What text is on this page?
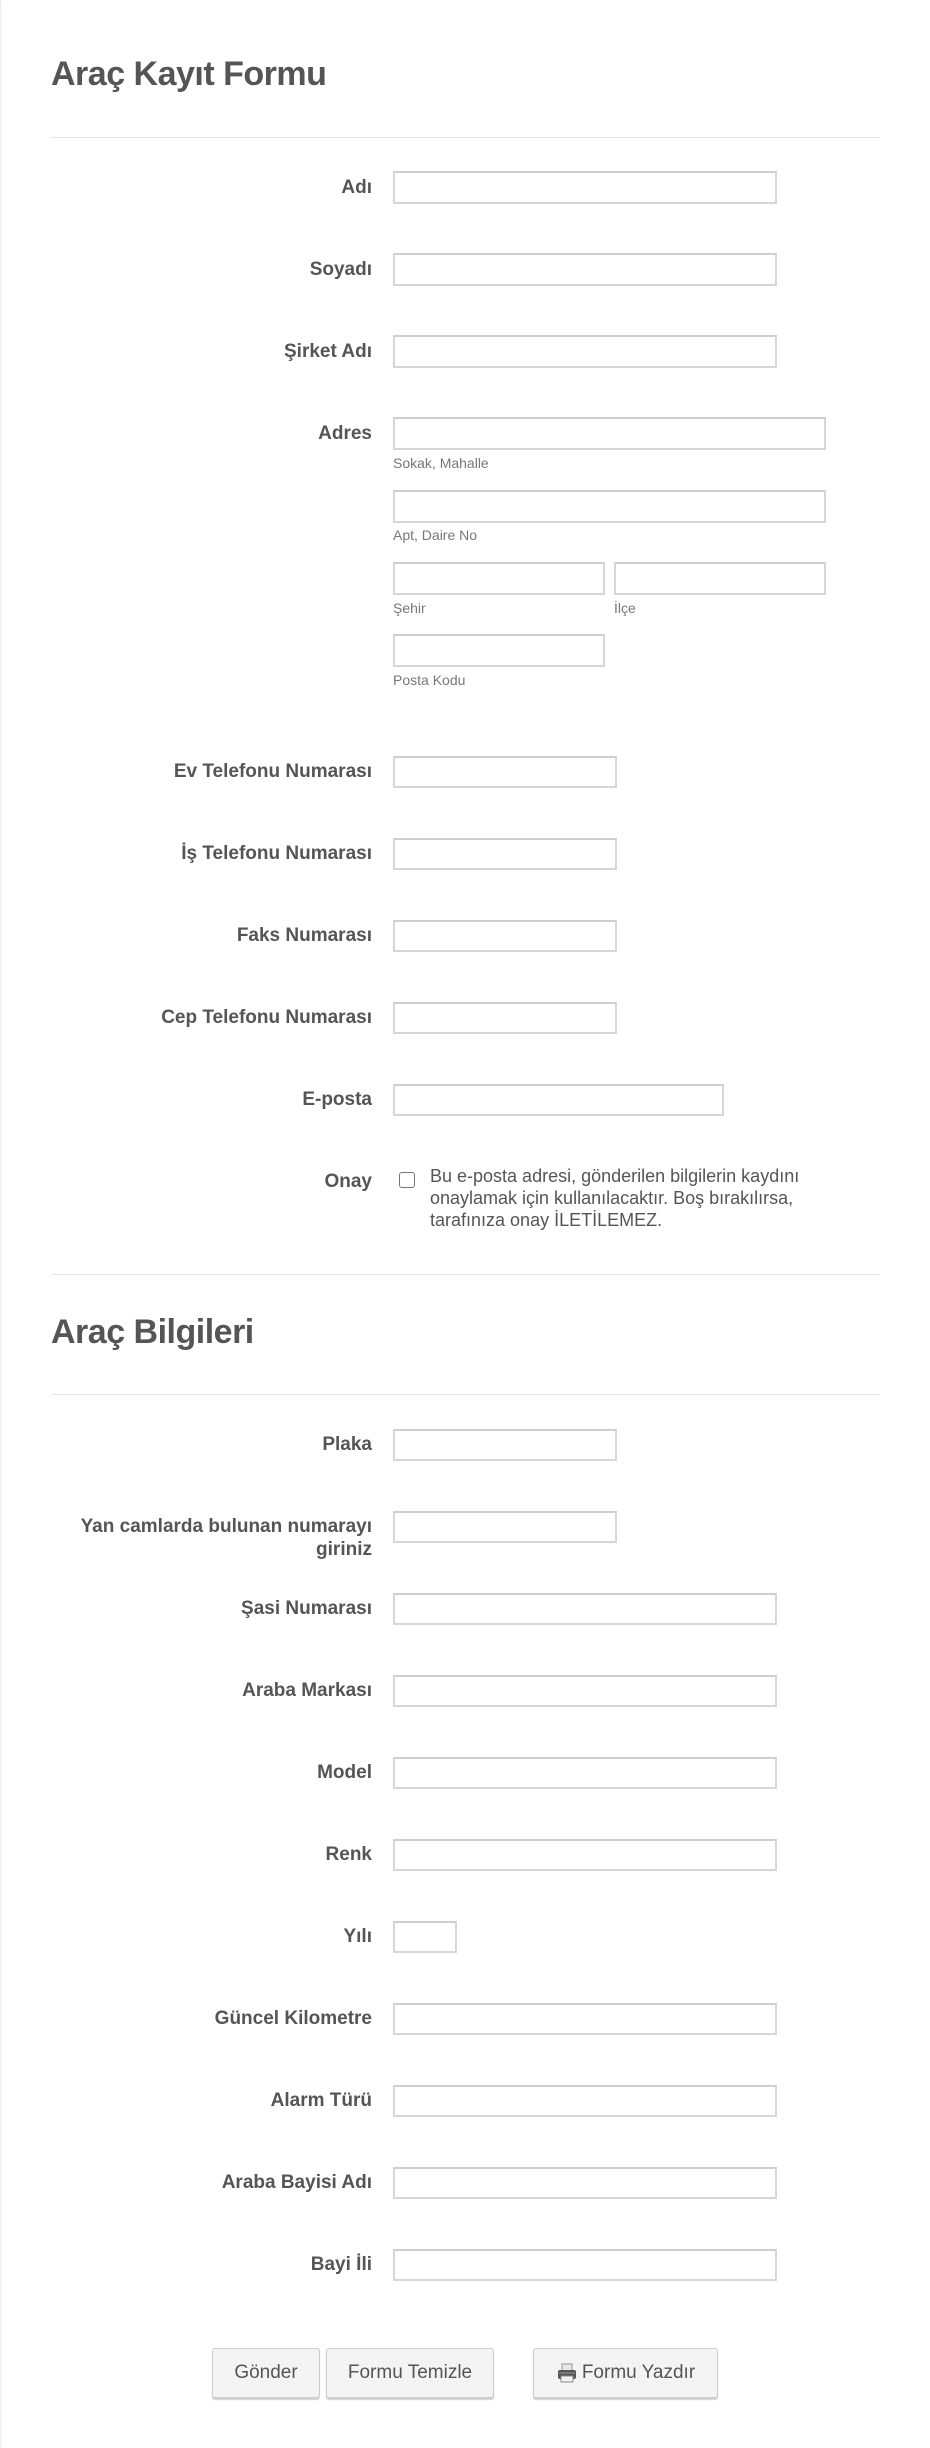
Araç Kayıt Formu
Adı
Soyadı
Şirket Adı
Adres
Sokak, Mahalle
Apt, Daire No
Şehir	İlçe
Posta Kodu
Ev Telefonu Numarası
İş Telefonu Numarası
Faks Numarası
Cep Telefonu Numarası
E-posta
Onay	Bu e-posta adresi, gönderilen bilgilerin kaydını onaylamak için kullanılacaktır. Boş bırakılırsa, tarafınıza onay İLETİLEMEZ.
Araç Bilgileri
Plaka
Yan camlarda bulunan numarayı giriniz
Şasi Numarası
Araba Markası
Model
Renk
Yılı
Güncel Kilometre
Alarm Türü
Araba Bayisi Adı
Bayi İli
Gönder	Formu Temizle	Formu Yazdır
